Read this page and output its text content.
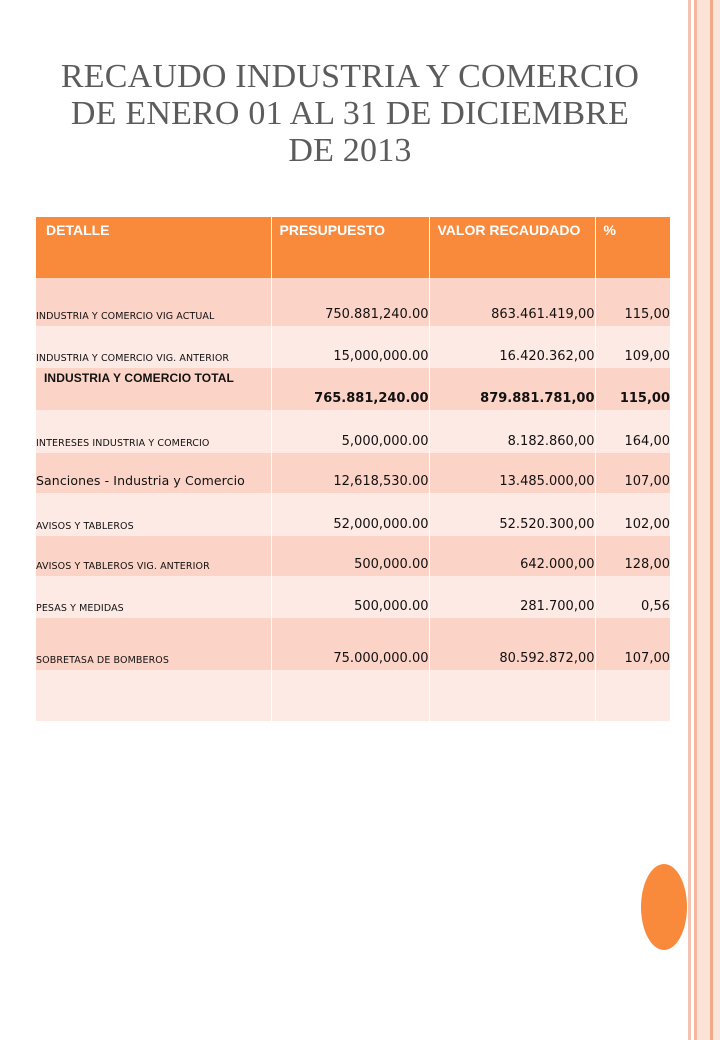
RECAUDO INDUSTRIA Y COMERCIO
DE ENERO 01 AL 31 DE DICIEMBRE
DE 2013
DETALLE	PRESUPUESTO	VALOR RECAUDADO	%
INDUSTRIA Y COMERCIO VIG ACTUAL	750.881,240.00	863.461.419,00	115,00
INDUSTRIA Y COMERCIO VIG. ANTERIOR	15,000,000.00	16.420.362,00	109,00
INDUSTRIA Y COMERCIO TOTAL	765.881,240.00	879.881.781,00	115,00
INTERESES INDUSTRIA Y COMERCIO	5,000,000.00	8.182.860,00	164,00
Sanciones - Industria y Comercio	12,618,530.00	13.485.000,00	107,00
AVISOS Y TABLEROS	52,000,000.00	52.520.300,00	102,00
AVISOS Y TABLEROS VIG. ANTERIOR	500,000.00	642.000,00	128,00
PESAS Y MEDIDAS	500,000.00	281.700,00	0,56
SOBRETASA DE BOMBEROS	75.000,000.00	80.592.872,00	107,00
